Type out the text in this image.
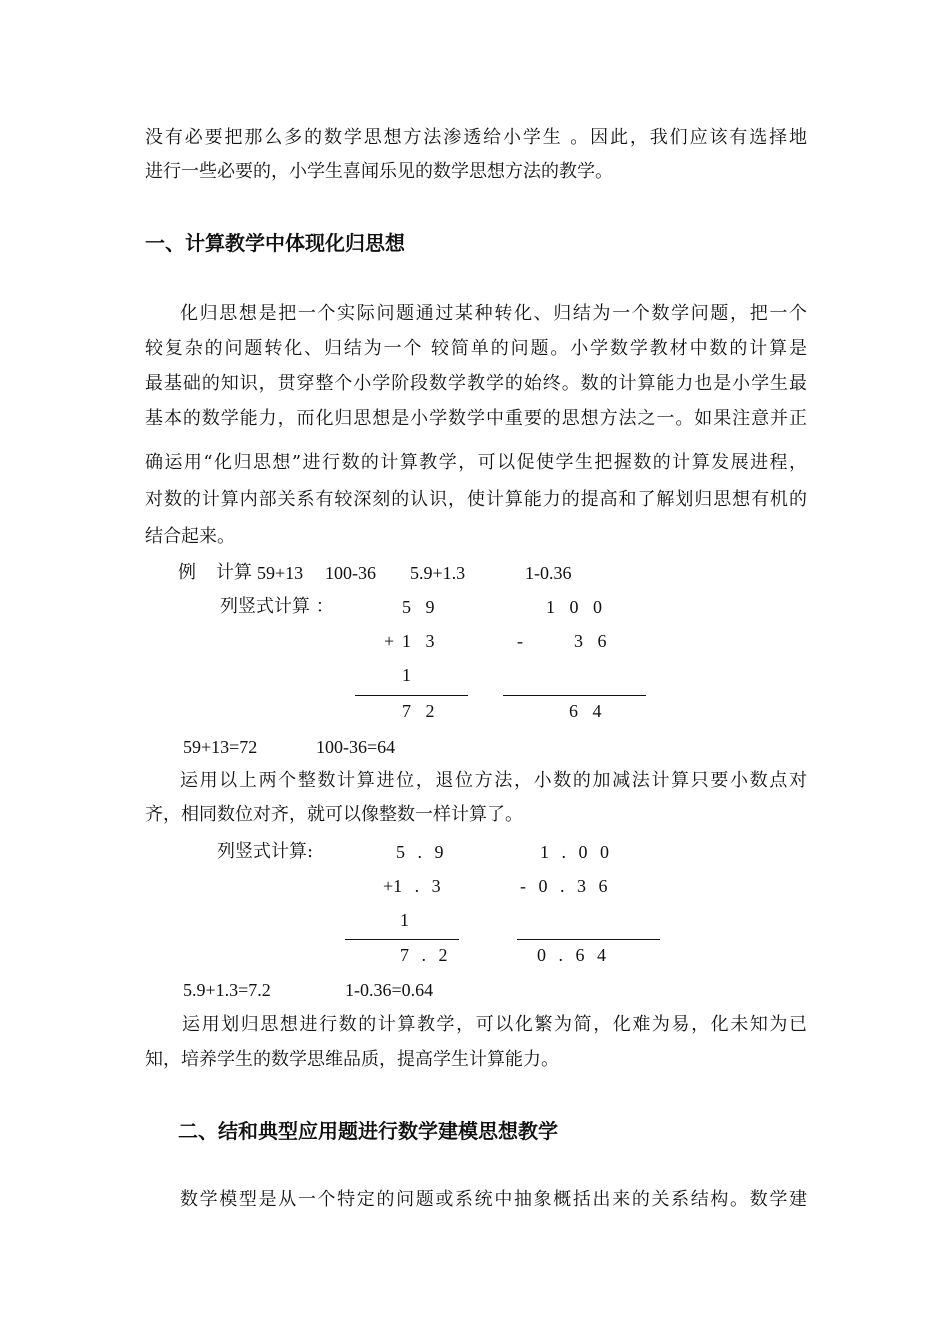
没有必要把那么多的数学思想方法渗透给小学生 。因此，我们应该有选择地
进行一些必要的，小学生喜闻乐见的数学思想方法的教学。
一、计算教学中体现化归思想
化归思想是把一个实际问题通过某种转化、归结为一个数学问题，把一个
较复杂的问题转化、归结为一个 较简单的问题。小学数学教材中数的计算是
最基础的知识，贯穿整个小学阶段数学教学的始终。数的计算能力也是小学生最
基本的数学能力，而化归思想是小学数学中重要的思想方法之一。如果注意并正
确运用“化归思想”进行数的计算教学，可以促使学生把握数的计算发展进程，
对数的计算内部关系有较深刻的认识，使计算能力的提高和了解划归思想有机的
结合起来。
例 计算 59+13 100-36 5.9+1.3	1-0.36
列竖式计算 ：	5 9	1 0 0
+ 1 3	-	3 6
1
7 2	6 4
59+13=72	100-36=64
运用以上两个整数计算进位，退位方法，小数的加减法计算只要小数点对
齐，相同数位对齐，就可以像整数一样计算了。
列竖式计算:	5 . 9	1 . 0 0
+1 . 3	- 0 . 3 6
1
7 . 2	0 . 6 4
5.9+1.3=7.2	1-0.36=0.64
运用划归思想进行数的计算教学，可以化繁为简，化难为易，化未知为已
知，培养学生的数学思维品质，提高学生计算能力。
二、结和典型应用题进行数学建模思想教学
数学模型是从一个特定的问题或系统中抽象概括出来的关系结构。数学建
